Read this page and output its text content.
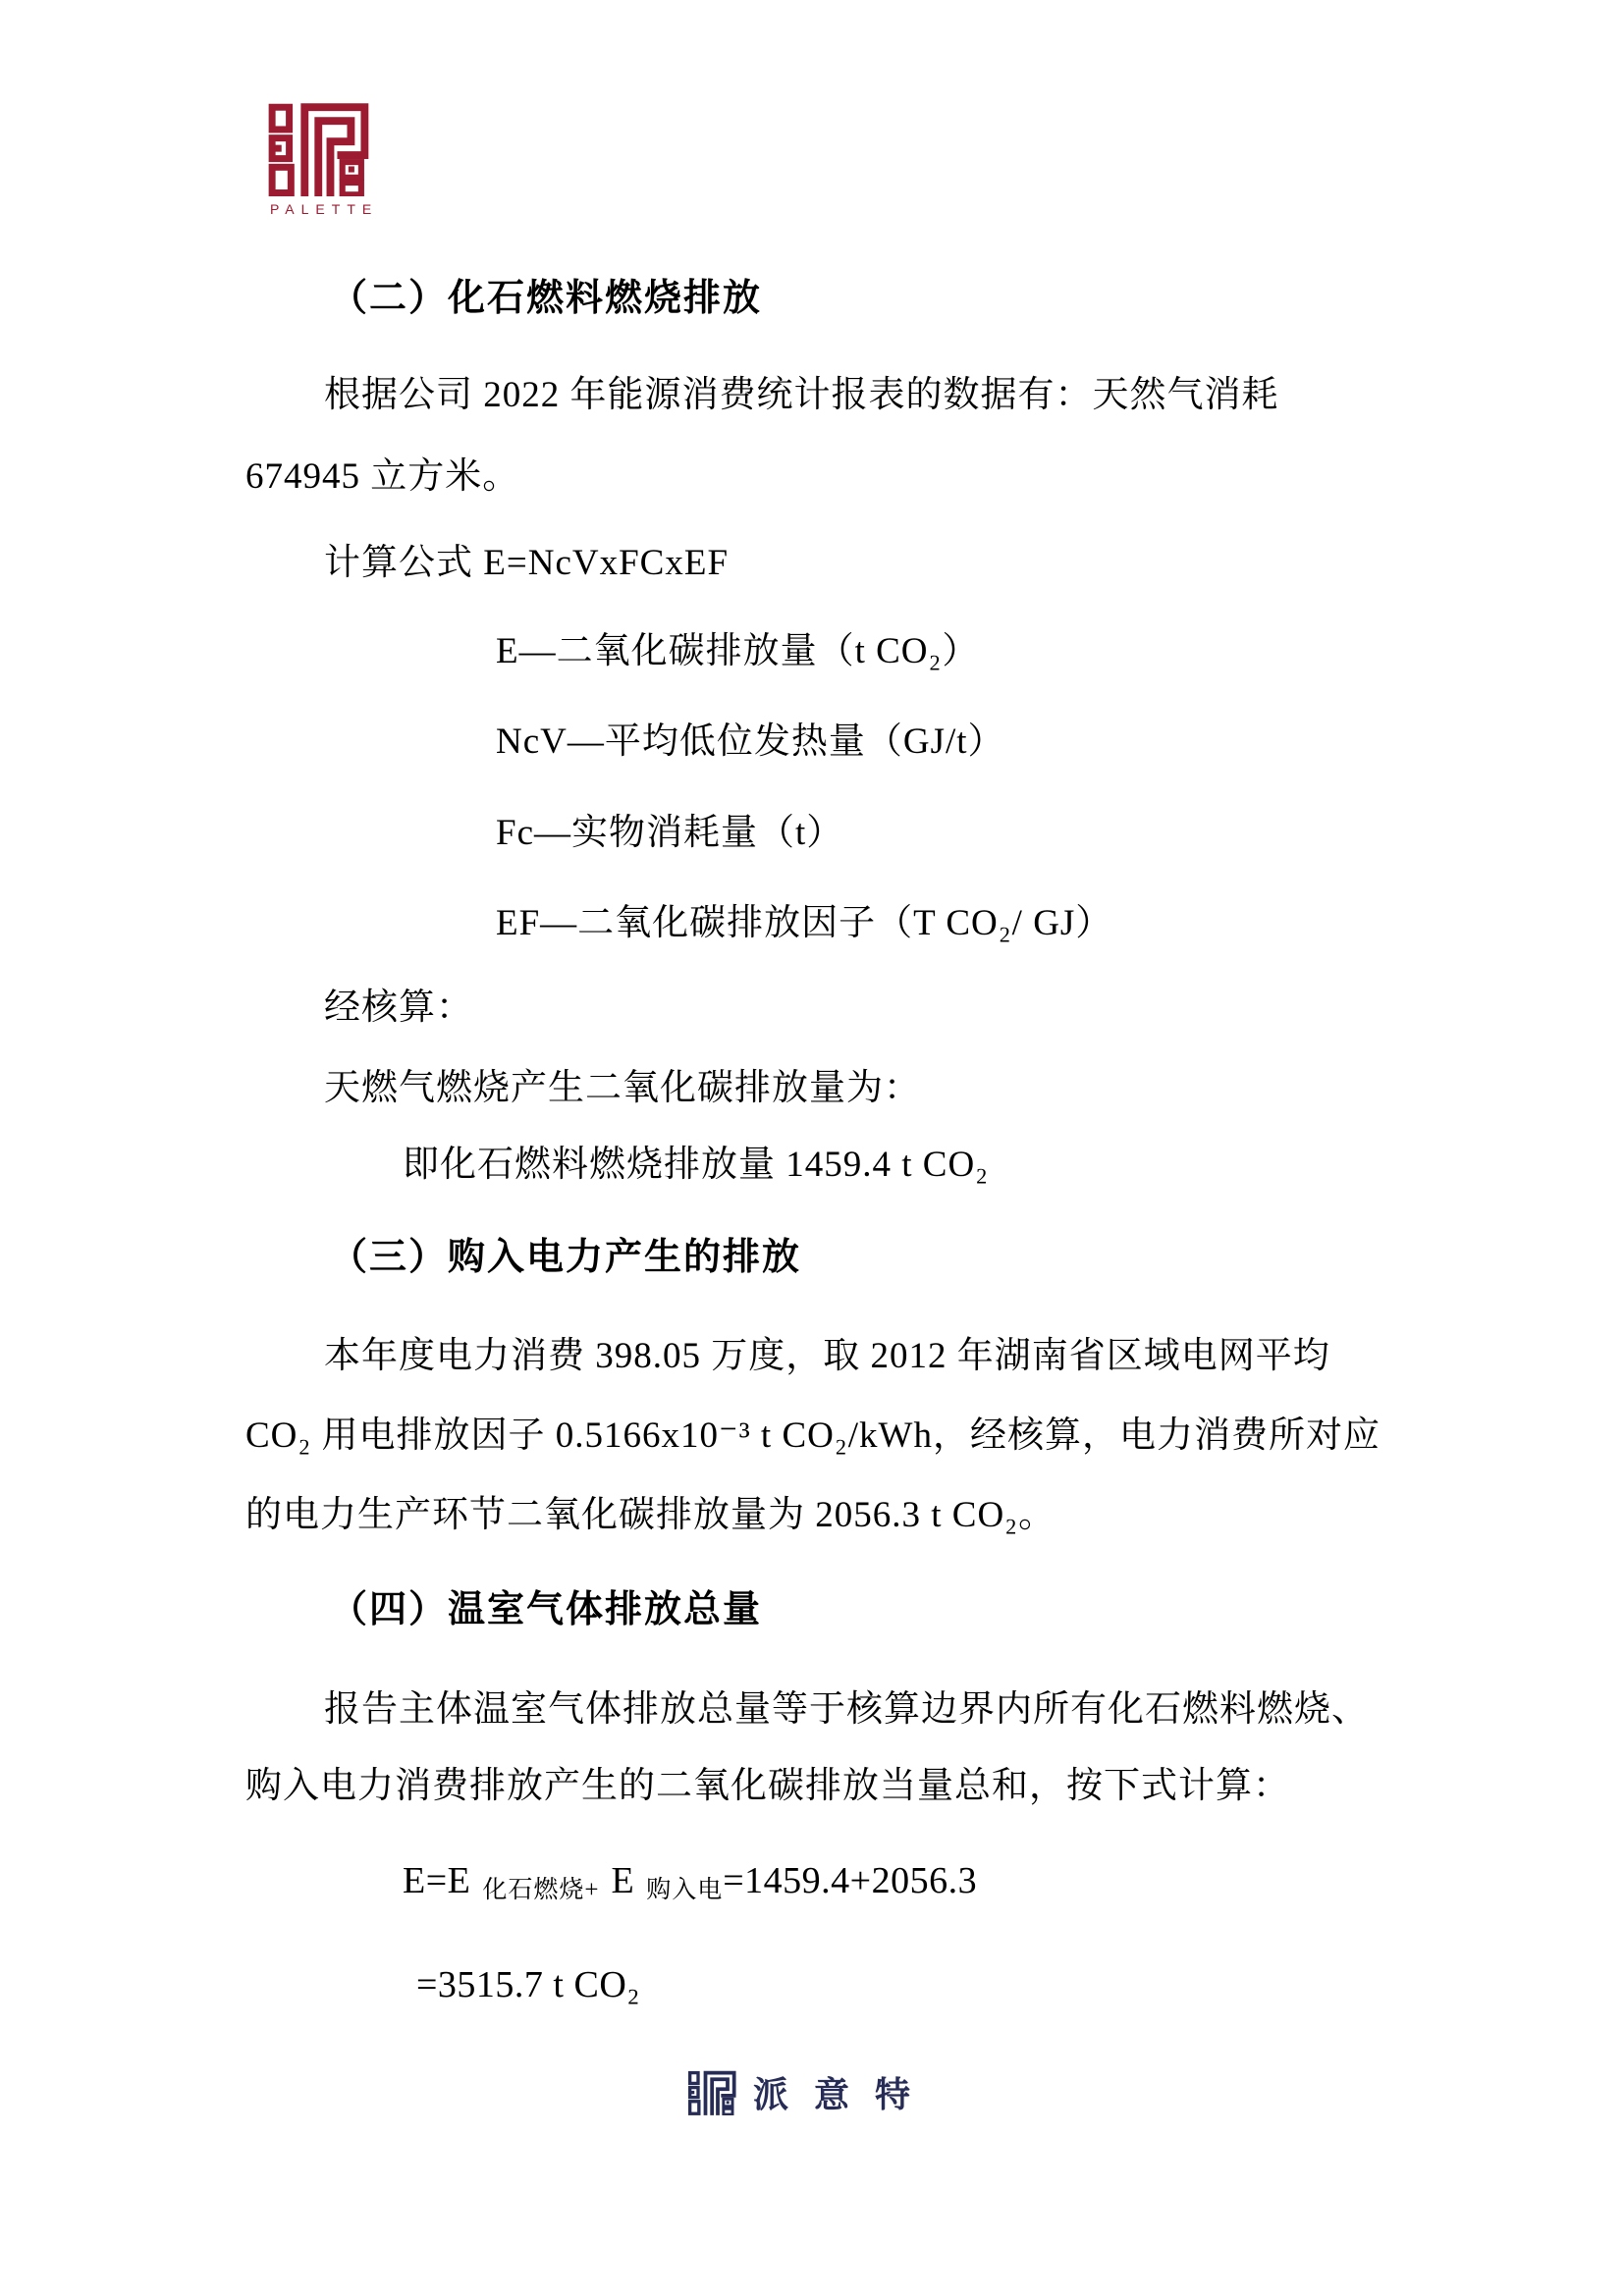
PALETTE
（二）化石燃料燃烧排放
根据公司 2022 年能源消费统计报表的数据有：天然气消耗
674945 立方米。
计算公式 E=NcVxFCxEF
E—二氧化碳排放量（t CO₂）
NcV—平均低位发热量（GJ/t）
Fc—实物消耗量（t）
EF—二氧化碳排放因子（T CO₂/ GJ）
经核算：
天燃气燃烧产生二氧化碳排放量为：
即化石燃料燃烧排放量 1459.4 t CO₂
（三）购入电力产生的排放
本年度电力消费 398.05 万度，取 2012 年湖南省区域电网平均
CO₂ 用电排放因子 0.5166x10⁻³ t CO₂/kWh，经核算，电力消费所对应
的电力生产环节二氧化碳排放量为 2056.3 t CO₂。
（四）温室气体排放总量
报告主体温室气体排放总量等于核算边界内所有化石燃料燃烧、
购入电力消费排放产生的二氧化碳排放当量总和，按下式计算：
E=E 化石燃烧+ E 购入电=1459.4+2056.3
=3515.7 t CO₂
派意特
